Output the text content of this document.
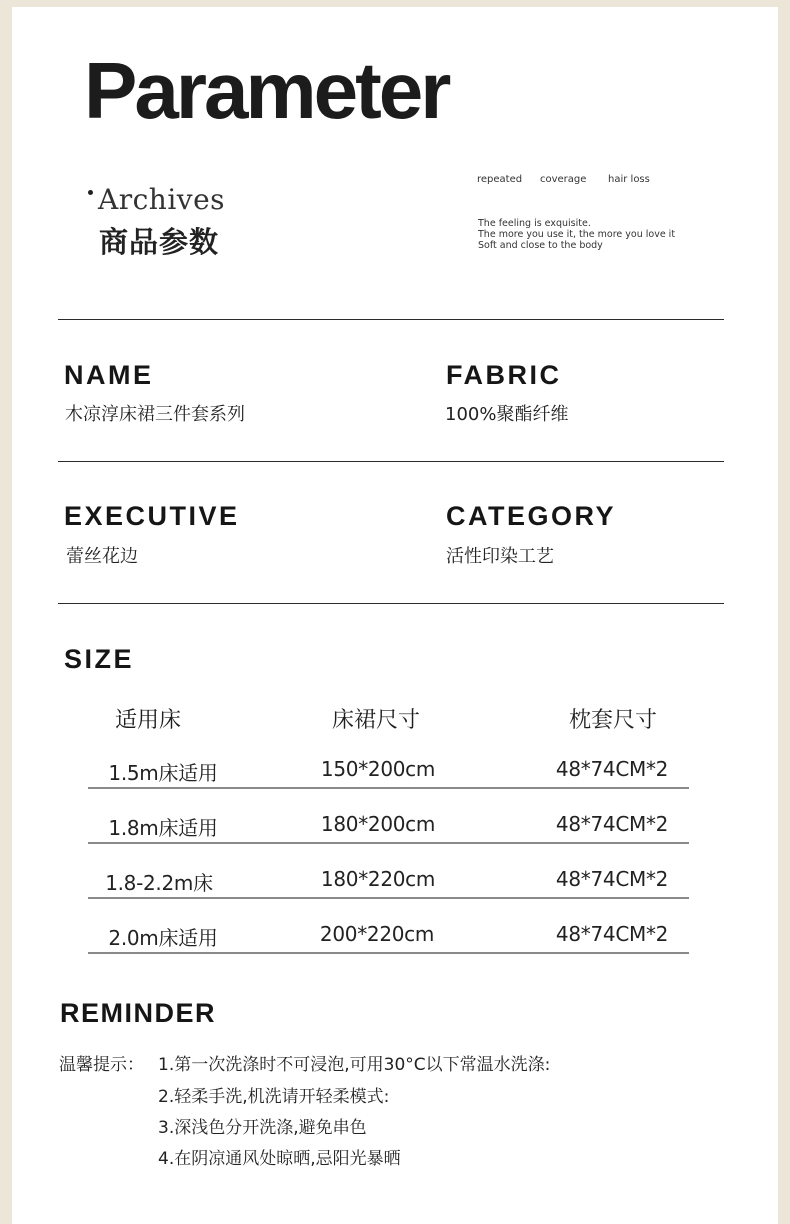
Parameter
Archives
商品参数
repeated coverage hair loss
The feeling is exquisite.
The more you use it, the more you love it
Soft and close to the body
NAME
木凉淳床裙三件套系列
FABRIC
100%聚酯纤维
EXECUTIVE
蕾丝花边
CATEGORY
活性印染工艺
SIZE
适用床	床裙尺寸	枕套尺寸
1.5m床适用	150*200cm	48*74CM*2
1.8m床适用	180*200cm	48*74CM*2
1.8-2.2m床	180*220cm	48*74CM*2
2.0m床适用	200*220cm	48*74CM*2
REMINDER
温馨提示： 1.第一次洗涤时不可浸泡,可用30°C以下常温水洗涤:
2.轻柔手洗,机洗请开轻柔模式:
3.深浅色分开洗涤,避免串色
4.在阴凉通风处晾晒,忌阳光暴晒
